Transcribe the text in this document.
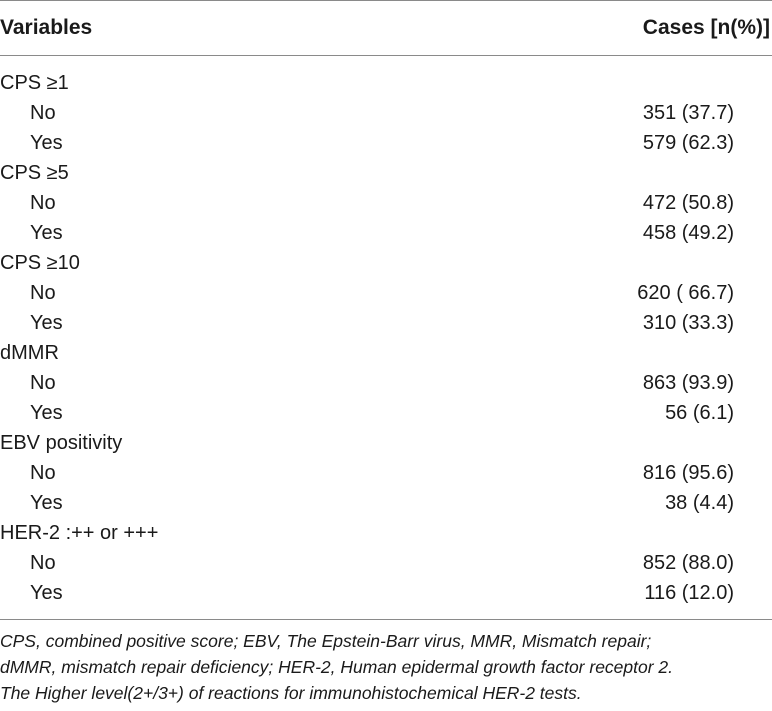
Variables	Cases [n(%)]
CPS ≥1
No	351 (37.7)
Yes	579 (62.3)
CPS ≥5
No	472 (50.8)
Yes	458 (49.2)
CPS ≥10
No	620 ( 66.7)
Yes	310 (33.3)
dMMR
No	863 (93.9)
Yes	56 (6.1)
EBV positivity
No	816 (95.6)
Yes	38 (4.4)
HER-2 :++ or +++
No	852 (88.0)
Yes	116 (12.0)
CPS, combined positive score; EBV, The Epstein-Barr virus, MMR, Mismatch repair;
dMMR, mismatch repair deficiency; HER-2, Human epidermal growth factor receptor 2.
The Higher level(2+/3+) of reactions for immunohistochemical HER-2 tests.
